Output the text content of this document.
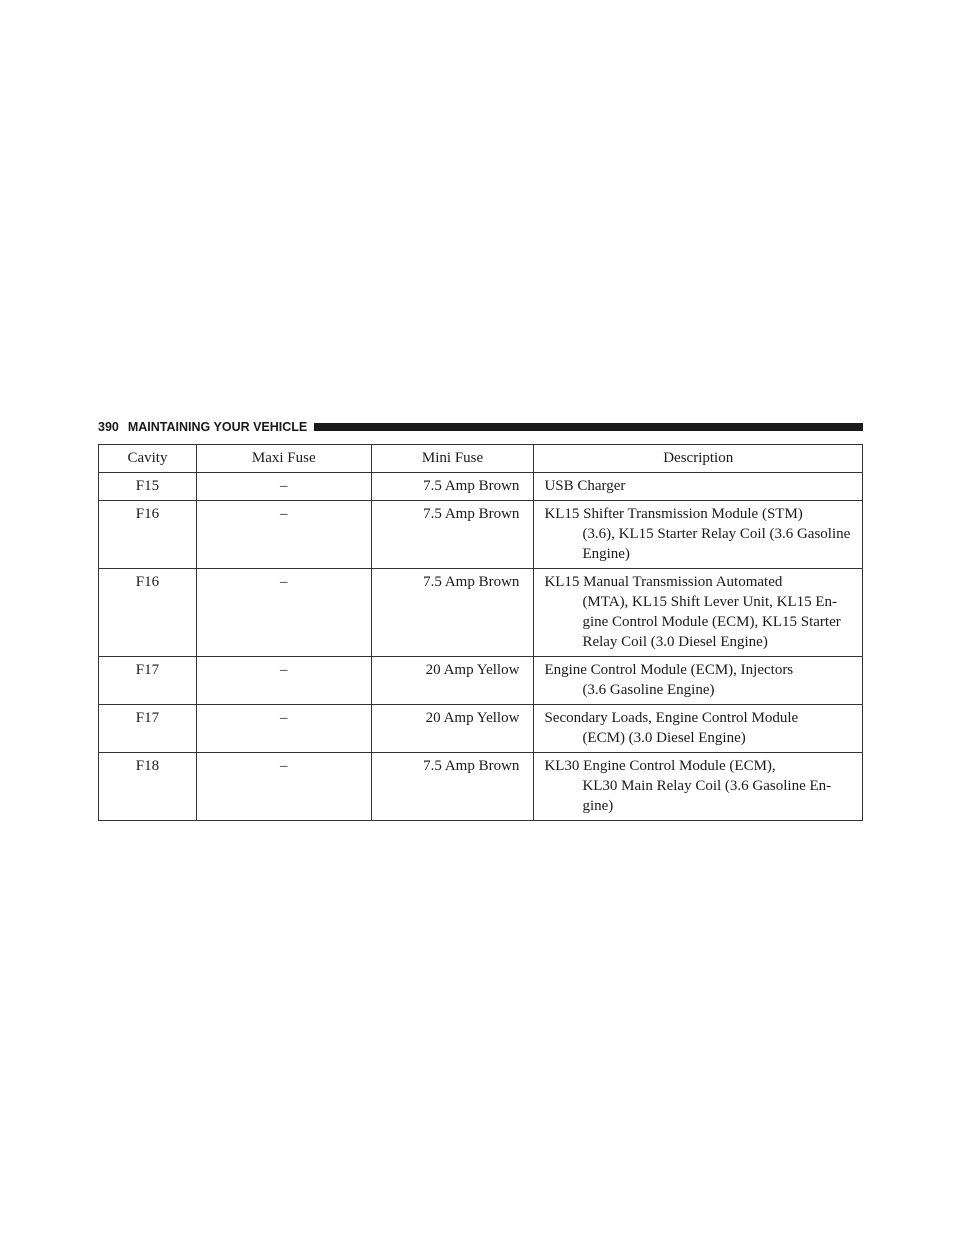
390 MAINTAINING YOUR VEHICLE
Cavity	Maxi Fuse	Mini Fuse	Description
F15	–	7.5 Amp Brown	USB Charger

F16	–	7.5 Amp Brown	KL15 Shifter Transmission Module (STM)
(3.6), KL15 Starter Relay Coil (3.6 Gasoline
Engine)

F16	–	7.5 Amp Brown	KL15 Manual Transmission Automated
(MTA), KL15 Shift Lever Unit, KL15 En-
gine Control Module (ECM), KL15 Starter
Relay Coil (3.0 Diesel Engine)

F17	–	20 Amp Yellow	Engine Control Module (ECM), Injectors
(3.6 Gasoline Engine)

F17	–	20 Amp Yellow	Secondary Loads, Engine Control Module
(ECM) (3.0 Diesel Engine)

F18	–	7.5 Amp Brown	KL30 Engine Control Module (ECM),
KL30 Main Relay Coil (3.6 Gasoline En-
gine)
